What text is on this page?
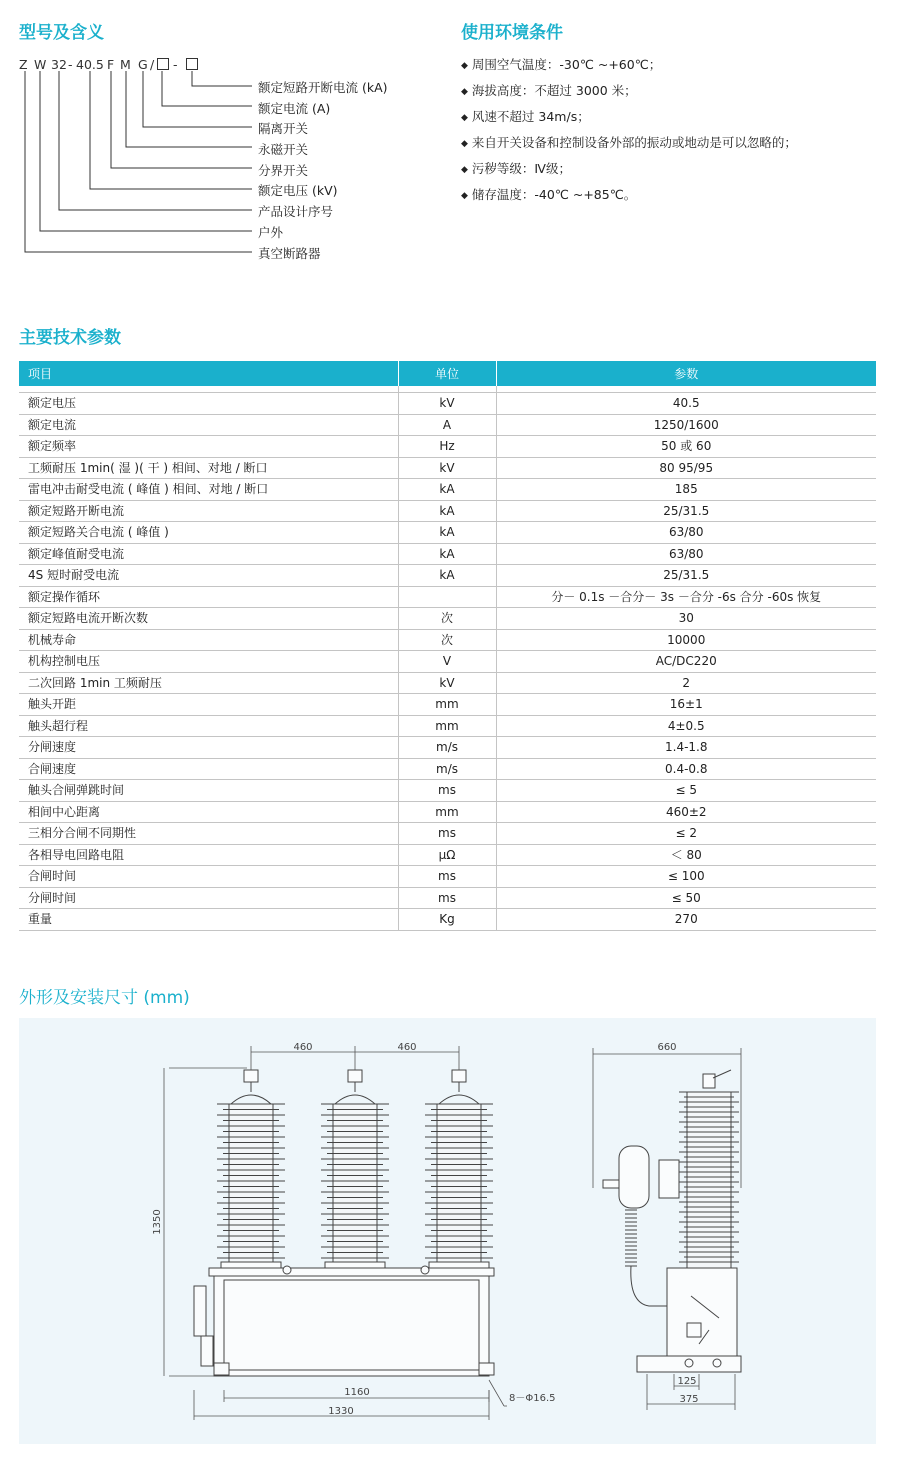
型号及含义
Z W 32 - 40.5 F M G / -
额定短路开断电流 (kA)
额定电流 (A)
隔离开关
永磁开关
分界开关
额定电压 (kV)
产品设计序号
户外
真空断路器
使用环境条件
◆ 周围空气温度：-30℃ ~+60℃；
◆ 海拔高度：不超过 3000 米；
◆ 风速不超过 34m/s；
◆ 来自开关设备和控制设备外部的振动或地动是可以忽略的；
◆ 污秽等级：Ⅳ级；
◆ 储存温度：-40℃ ~+85℃。
主要技术参数
项目	单位	参数

额定电压	kV	40.5
额定电流	A	1250/1600
额定频率	Hz	50 或 60
工频耐压 1min( 湿 )( 干 ) 相间、对地 / 断口	kV	80 95/95
雷电冲击耐受电流 ( 峰值 ) 相间、对地 / 断口	kA	185
额定短路开断电流	kA	25/31.5
额定短路关合电流 ( 峰值 )	kA	63/80
额定峰值耐受电流	kA	63/80
4S 短时耐受电流	kA	25/31.5
额定操作循环		分－ 0.1s －合分－ 3s －合分 -6s 合分 -60s 恢复
额定短路电流开断次数	次	30
机械寿命	次	10000
机构控制电压	V	AC/DC220
二次回路 1min 工频耐压	kV	2
触头开距	mm	16±1
触头超行程	mm	4±0.5
分闸速度	m/s	1.4-1.8
合闸速度	m/s	0.4-0.8
触头合闸弹跳时间	ms	≤ 5
相间中心距离	mm	460±2
三相分合闸不同期性	ms	≤ 2
各相导电回路电阻	μΩ	＜ 80
合闸时间	ms	≤ 100
分闸时间	ms	≤ 50
重量	Kg	270
外形及安装尺寸 (mm)
460	460
1350
1160
1330
8－Φ16.5
660
125
375
